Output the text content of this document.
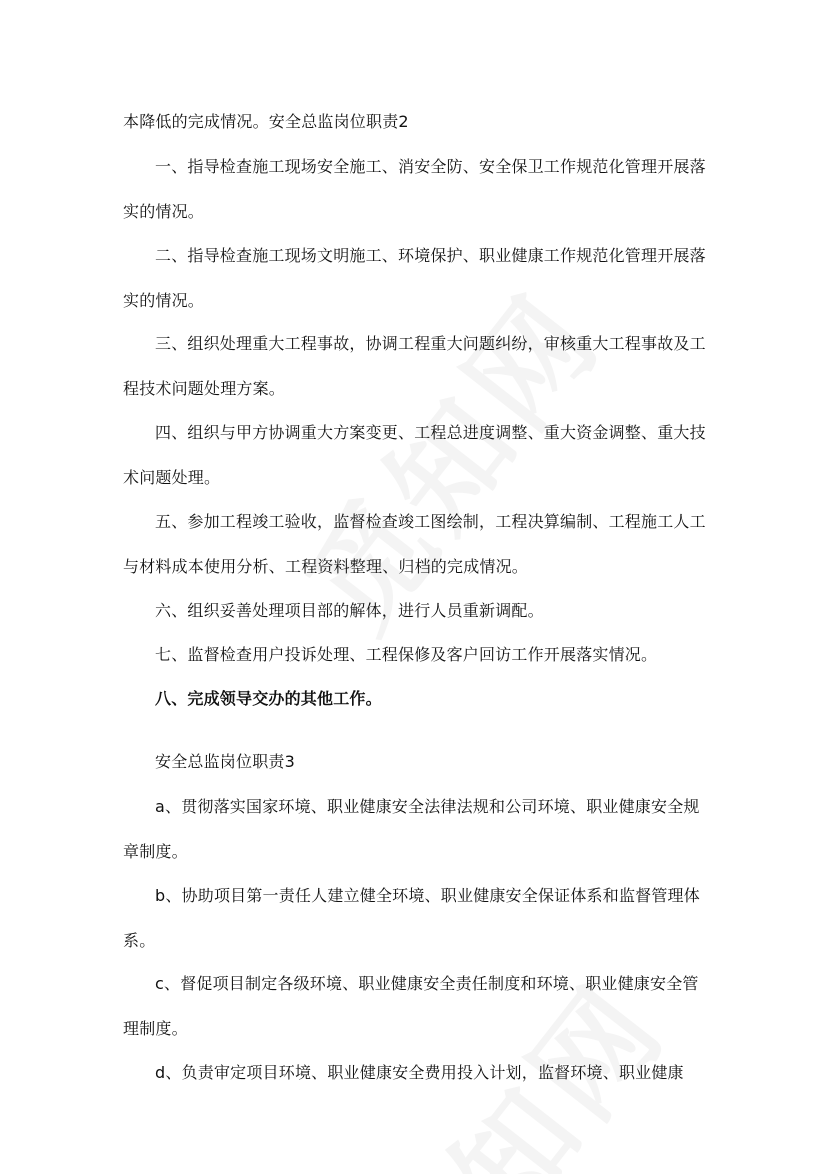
本降低的完成情况。安全总监岗位职责2

一、指导检查施工现场安全施工、消安全防、安全保卫工作规范化管理开展落实的情况。

二、指导检查施工现场文明施工、环境保护、职业健康工作规范化管理开展落实的情况。

三、组织处理重大工程事故，协调工程重大问题纠纷，审核重大工程事故及工程技术问题处理方案。

四、组织与甲方协调重大方案变更、工程总进度调整、重大资金调整、重大技术问题处理。

五、参加工程竣工验收，监督检查竣工图绘制，工程决算编制、工程施工人工与材料成本使用分析、工程资料整理、归档的完成情况。

六、组织妥善处理项目部的解体，进行人员重新调配。

七、监督检查用户投诉处理、工程保修及客户回访工作开展落实情况。

八、完成领导交办的其他工作。

安全总监岗位职责3

a、贯彻落实国家环境、职业健康安全法律法规和公司环境、职业健康安全规章制度。

b、协助项目第一责任人建立健全环境、职业健康安全保证体系和监督管理体系。

c、督促项目制定各级环境、职业健康安全责任制度和环境、职业健康安全管理制度。

d、负责审定项目环境、职业健康安全费用投入计划，监督环境、职业健康
